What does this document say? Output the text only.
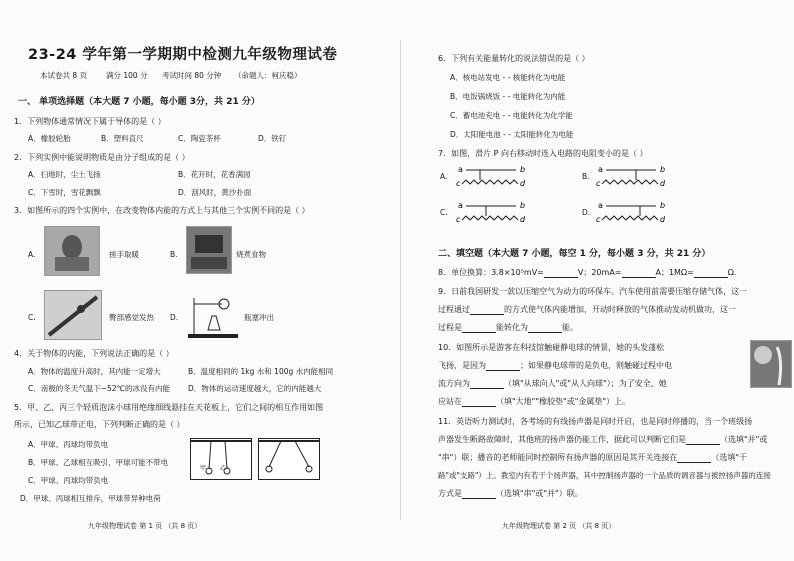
23-24 学年第一学期期中检测九年级物理试卷
本试卷共 8 页	满分 100 分 考试时间 80 分钟 （命题人：柯庆稳）
一、 单项选择题（本大题 7 小题，每小题 3分，共 21 分）
1．下列物体通常情况下属于导体的是（ ）
A．橡胶轮胎	B．塑料直尺	C．陶瓷茶杯	D．铁钉
2．下列实例中能说明物质是由分子组成的是（ ）
A．扫地时，尘土飞扬	B．花开时，花香满园
C．下雪时，雪花飘飘	D．刮风时，黄沙扑面
3．如图所示的四个实例中，在改变物体内能的方式上与其他三个实例不同的是（ ）
A.	搓手取暖	B.	烧煮食物
C.	臀部感觉发热 D.	瓶塞冲出
4．关于物体的内能，下列说法正确的是（ ）
A．物体的温度升高时，其内能一定增大	B．温度相同的 1kg 水和 100g 水内能相同
C．南极的冬天气温下−52℃的冰没有内能 D．物体的运动速度越大，它的内能越大
5．甲、乙、丙三个轻质泡沫小球用绝缘细线悬挂在天花板上，它们之间的相互作用如图
所示，已知乙球带正电，下列判断正确的是（ ）
A．甲球、丙球均带负电
B．甲球、乙球相互吸引，甲球可能不带电
C．甲球、丙球均带负电
D．甲球、丙球相互排斥，甲球带异种电荷
甲 乙
九年级物理试卷 第 1 页 （共 8 页）
6．下列有关能量转化的说法错误的是（ ）
A．核电站发电 - - 核能转化为电能
B．电饭锅烧饭 - - 电能转化为内能
C．蓄电池充电 - - 电能转化为化学能
D．太阳能电池 - - 太阳能转化为电能
7．如图，滑片 P 向右移动时连入电路的电阻变小的是（ ）
A.
a	b
c	d
B.
a	b
c	d
C.
a	b
c	d
D.
a	b
c	d
二、填空题（本大题 7 小题，每空 1 分，每小题 3 分，共 21 分）
8．单位换算：3.8×10⁵mV=	V；20mA=	A；1MΩ=	Ω.
9．日前我国研发一款以压缩空气为动力的环保车。汽车使用前需要压缩存储气体，这一
过程通过	的方式使气体内能增加，开动时释放的气体推动发动机做功，这一
过程是	能转化为	能。
10．如图所示是游客在科技馆触碰静电球的情景，她的头发蓬松
飞扬，是因为	；如果静电球带的是负电，则触碰过程中电
流方向为	（填"从球向人"或"从人向球"）；为了安全，她
应站在	（填"大地""橡胶垫"或"金属垫"）上。
11．英语听力测试时，各考场的有线扬声器是同时开启，也是同时停播的，当一个班级扬
声器发生断路故障时，其他班的扬声器仍能工作，据此可以判断它们是	（选填"并"或
"串"）联；播音的老师能同时控制所有扬声器的原因是其开关连接在	（选填"干
路"或"支路"）上。教室内有若干个扬声器，其中控制扬声器的一个品质的调音器与被控扬声器的连接
方式是	（选填"串"或"并"）联。
九年级物理试卷 第 2 页 （共 8 页）
